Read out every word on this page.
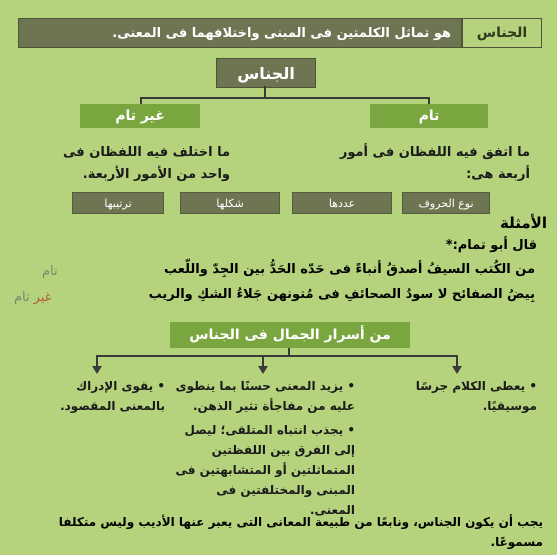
الجناس
هو تماثل الكلمتين فى المبنى واختلافهما فى المعنى.
الجناس
غير تام	تام
ما اختلف فيه اللفظان فى واحد من الأمور الأربعة.
ما اتفق فيه اللفظان فى أمور أربعة هى:
ترتيبها	شكلها	عددها	نوع الحروف
الأمثلة
قال أبو تمام:*
من الكُتب السيفُ أصدقُ أنباءً فى حَدّه الحَدُّ بين الجِدّ واللّعب
بِيضُ الصفائح لا سودُ الصحائفِ فى مُتونهن جَلاءُ الشكِ والريب
تام
غير
تام
من أسرار الجمال فى الجناس
• يعطى الكلام جرسًا موسيقيًا.
• يزيد المعنى حسنًا بما ينطوى عليه من مفاجأة تثير الذهن.
• يقوى الإدراك بالمعنى المقصود.
• يجذب انتباه المتلقى؛ ليصل إلى الفرق بين اللفظتين المتماثلتين أو المتشابهتين فى المبنى والمختلفتين فى المعنى.
يجب أن يكون الجناس، ونابعًا من طبيعة المعانى التى يعبر عنها الأديب وليس متكلفا مسموعًا.
